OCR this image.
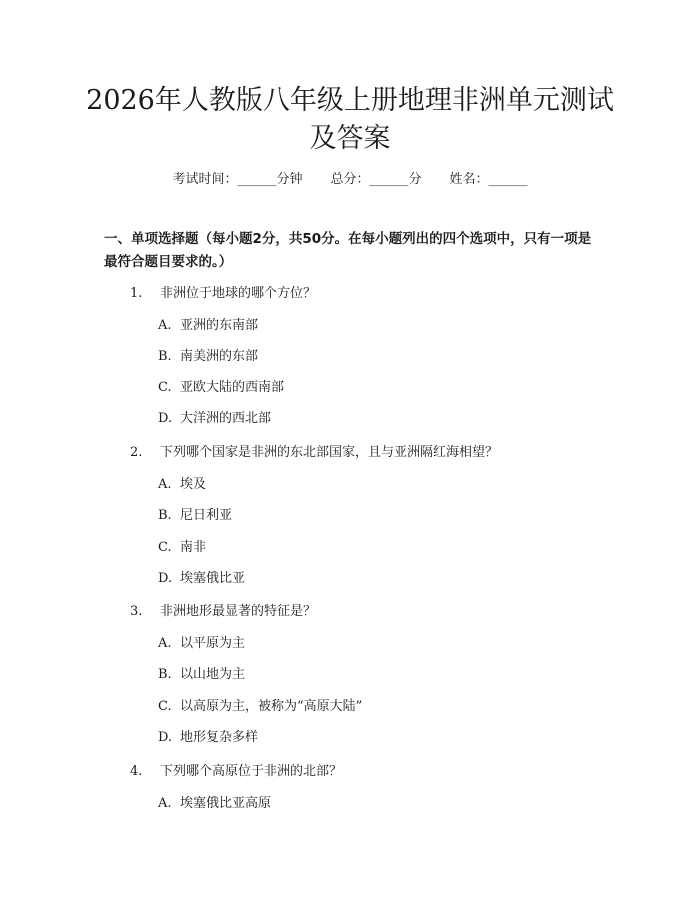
2026年人教版八年级上册地理非洲单元测试及答案
考试时间：______分钟 总分：______分 姓名：______

一、单项选择题（每小题2分，共50分。在每小题列出的四个选项中，只有一项是最符合题目要求的。）

1. 非洲位于地球的哪个方位？
A. 亚洲的东南部
B. 南美洲的东部
C. 亚欧大陆的西南部
D. 大洋洲的西北部
2. 下列哪个国家是非洲的东北部国家，且与亚洲隔红海相望？
A. 埃及
B. 尼日利亚
C. 南非
D. 埃塞俄比亚
3. 非洲地形最显著的特征是？
A. 以平原为主
B. 以山地为主
C. 以高原为主，被称为“高原大陆”
D. 地形复杂多样
4. 下列哪个高原位于非洲的北部？
A. 埃塞俄比亚高原
